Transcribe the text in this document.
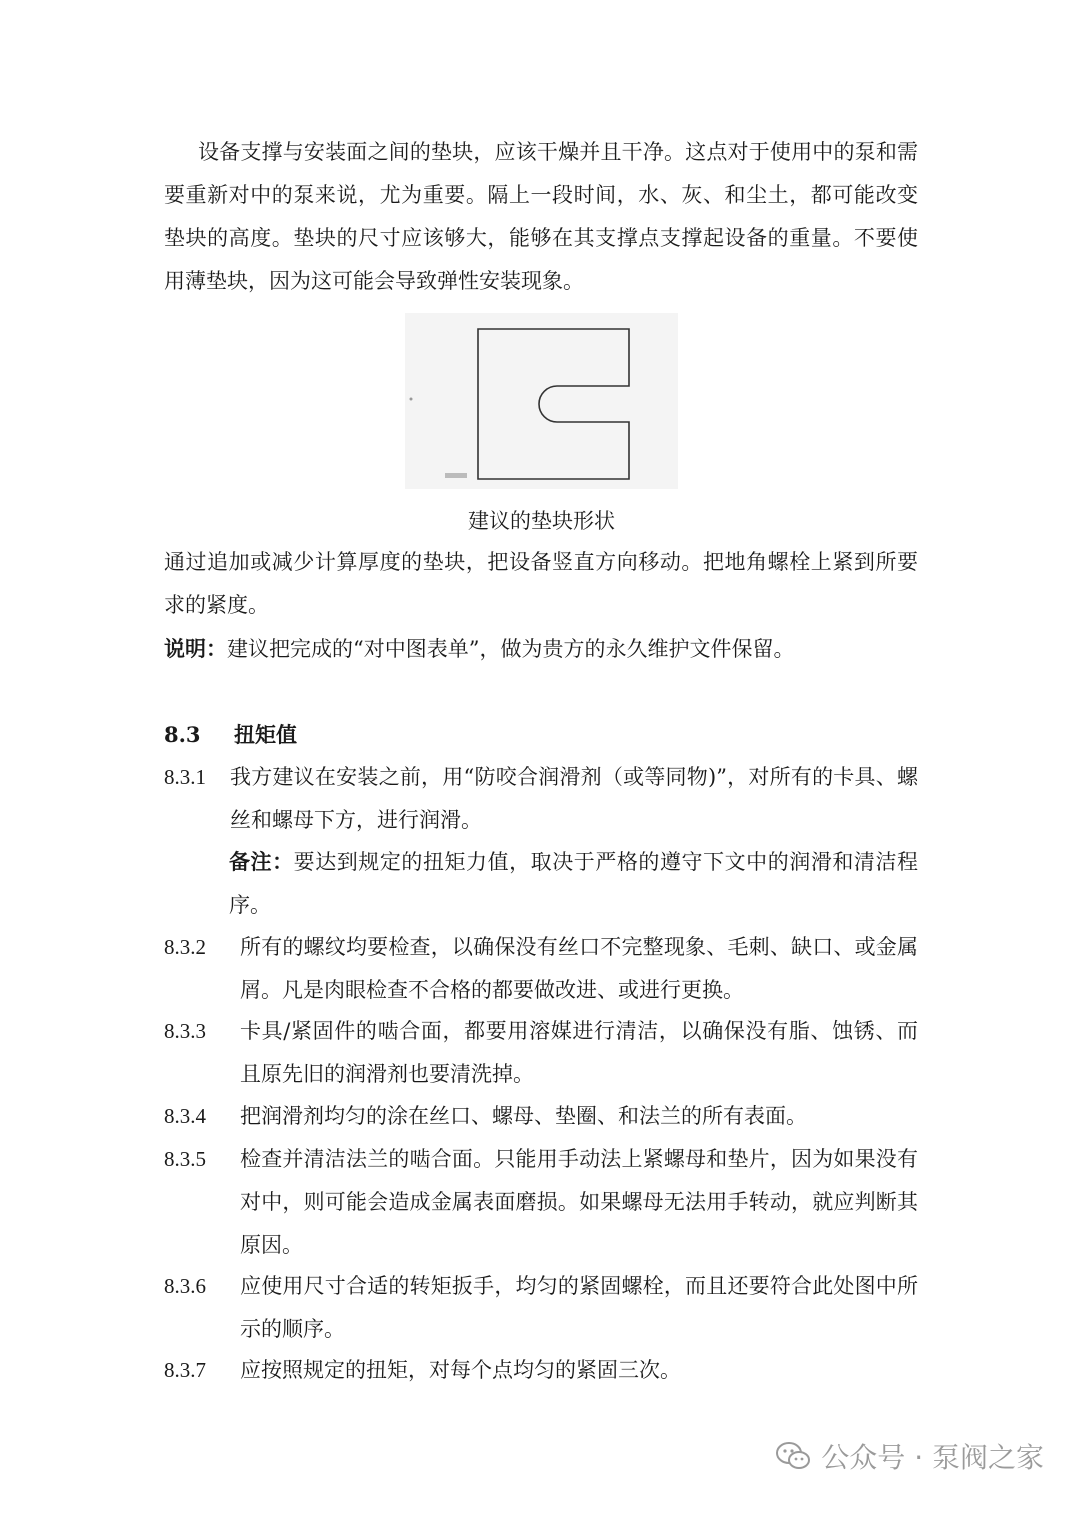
设备支撑与安装面之间的垫块，应该干燥并且干净。这点对于使用中的泵和需要重新对中的泵来说，尤为重要。隔上一段时间，水、灰、和尘土，都可能改变垫块的高度。垫块的尺寸应该够大，能够在其支撑点支撑起设备的重量。不要使用薄垫块，因为这可能会导致弹性安装现象。

建议的垫块形状

通过追加或减少计算厚度的垫块，把设备竖直方向移动。把地角螺栓上紧到所要求的紧度。

说明：建议把完成的“对中图表单”，做为贵方的永久维护文件保留。

8.3 扭矩值
8.3.1	我方建议在安装之前，用“防咬合润滑剂（或等同物)”，对所有的卡具、螺丝和螺母下方，进行润滑。
备注：要达到规定的扭矩力值，取决于严格的遵守下文中的润滑和清洁程序。
8.3.2	所有的螺纹均要检查，以确保没有丝口不完整现象、毛刺、缺口、或金属屑。凡是肉眼检查不合格的都要做改进、或进行更换。
8.3.3	卡具/紧固件的啮合面，都要用溶媒进行清洁，以确保没有脂、蚀锈、而且原先旧的润滑剂也要清洗掉。
8.3.4	把润滑剂均匀的涂在丝口、螺母、垫圈、和法兰的所有表面。
8.3.5	检查并清洁法兰的啮合面。只能用手动法上紧螺母和垫片，因为如果没有对中，则可能会造成金属表面磨损。如果螺母无法用手转动，就应判断其原因。
8.3.6	应使用尺寸合适的转矩扳手，均匀的紧固螺栓，而且还要符合此处图中所示的顺序。
8.3.7	应按照规定的扭矩，对每个点均匀的紧固三次。
公众号 · 泵阀之家
